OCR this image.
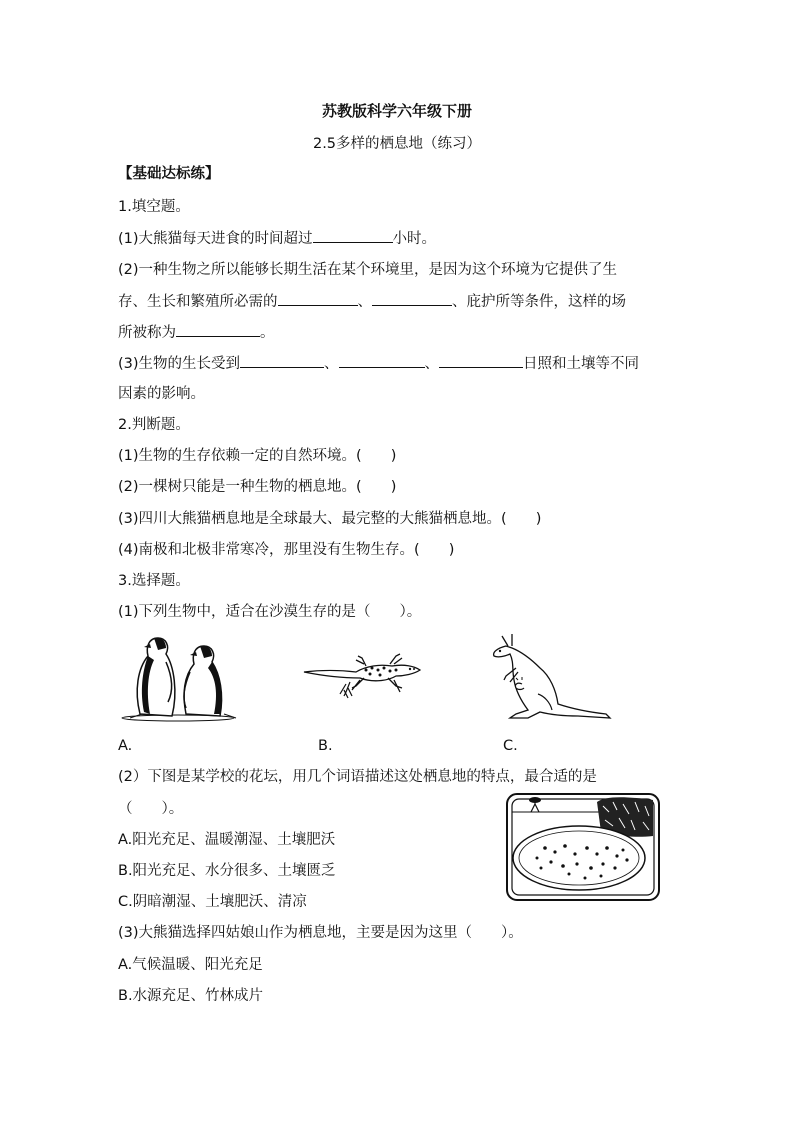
苏教版科学六年级下册
2.5多样的栖息地（练习）
【基础达标练】
1.填空题。
(1)大熊猫每天进食的时间超过	小时。
(2)一种生物之所以能够长期生活在某个环境里，是因为这个环境为它提供了生
存、生长和繁殖所必需的	、	、庇护所等条件，这样的场
所被称为	。
(3)生物的生长受到	、	、	日照和土壤等不同
因素的影响。
2.判断题。
(1)生物的生存依赖一定的自然环境。(　　)
(2)一棵树只能是一种生物的栖息地。(　　)
(3)四川大熊猫栖息地是全球最大、最完整的大熊猫栖息地。(　　)
(4)南极和北极非常寒冷，那里没有生物生存。(　　)
3.选择题。
(1)下列生物中，适合在沙漠生存的是（　　）。
A.	B.	C.
(2）下图是某学校的花坛，用几个词语描述这处栖息地的特点，最合适的是
（　　）。
A.阳光充足、温暖潮湿、土壤肥沃
B.阳光充足、水分很多、土壤匮乏
C.阴暗潮湿、土壤肥沃、清凉
(3)大熊猫选择四姑娘山作为栖息地，主要是因为这里（　　）。
A.气候温暖、阳光充足
B.水源充足、竹林成片
